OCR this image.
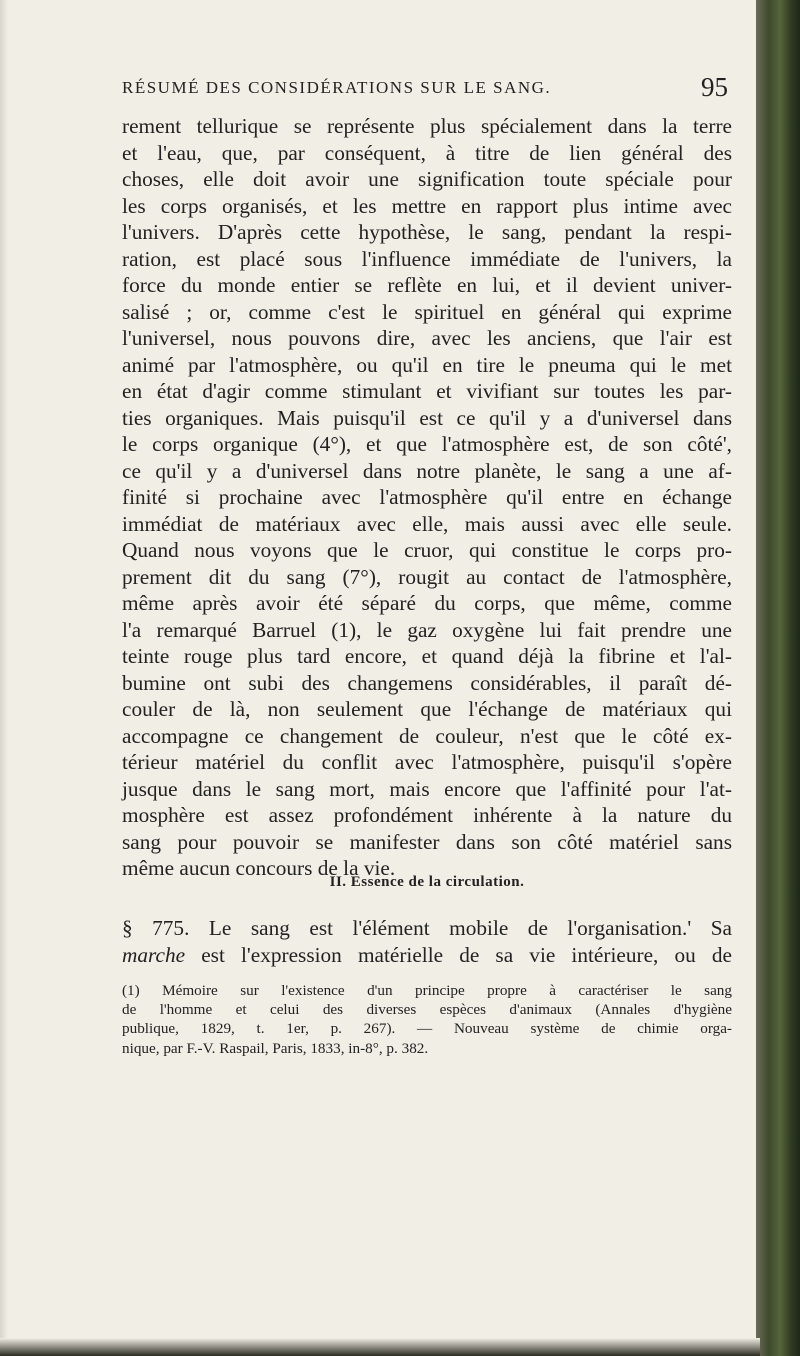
RÉSUMÉ DES CONSIDÉRATIONS SUR LE SANG.	95
rement tellurique se représente plus spécialement dans la terre
et l'eau, que, par conséquent, à titre de lien général des
choses, elle doit avoir une signification toute spéciale pour
les corps organisés, et les mettre en rapport plus intime avec
l'univers. D'après cette hypothèse, le sang, pendant la respi-
ration, est placé sous l'influence immédiate de l'univers, la
force du monde entier se reflète en lui, et il devient univer-
salisé ; or, comme c'est le spirituel en général qui exprime
l'universel, nous pouvons dire, avec les anciens, que l'air est
animé par l'atmosphère, ou qu'il en tire le pneuma qui le met
en état d'agir comme stimulant et vivifiant sur toutes les par-
ties organiques. Mais puisqu'il est ce qu'il y a d'universel dans
le corps organique (4°), et que l'atmosphère est, de son côté',
ce qu'il y a d'universel dans notre planète, le sang a une af-
finité si prochaine avec l'atmosphère qu'il entre en échange
immédiat de matériaux avec elle, mais aussi avec elle seule.
Quand nous voyons que le cruor, qui constitue le corps pro-
prement dit du sang (7°), rougit au contact de l'atmosphère,
même après avoir été séparé du corps, que même, comme
l'a remarqué Barruel (1), le gaz oxygène lui fait prendre une
teinte rouge plus tard encore, et quand déjà la fibrine et l'al-
bumine ont subi des changemens considérables, il paraît dé-
couler de là, non seulement que l'échange de matériaux qui
accompagne ce changement de couleur, n'est que le côté ex-
térieur matériel du conflit avec l'atmosphère, puisqu'il s'opère
jusque dans le sang mort, mais encore que l'affinité pour l'at-
mosphère est assez profondément inhérente à la nature du
sang pour pouvoir se manifester dans son côté matériel sans
même aucun concours de la vie.
II. Essence de la circulation.
§ 775. Le sang est l'élément mobile de l'organisation.' Sa
marche est l'expression matérielle de sa vie intérieure, ou de
(1) Mémoire sur l'existence d'un principe propre à caractériser le sang
de l'homme et celui des diverses espèces d'animaux (Annales d'hygiène
publique, 1829, t. 1er, p. 267). — Nouveau système de chimie orga-
nique, par F.-V. Raspail, Paris, 1833, in-8°, p. 382.
